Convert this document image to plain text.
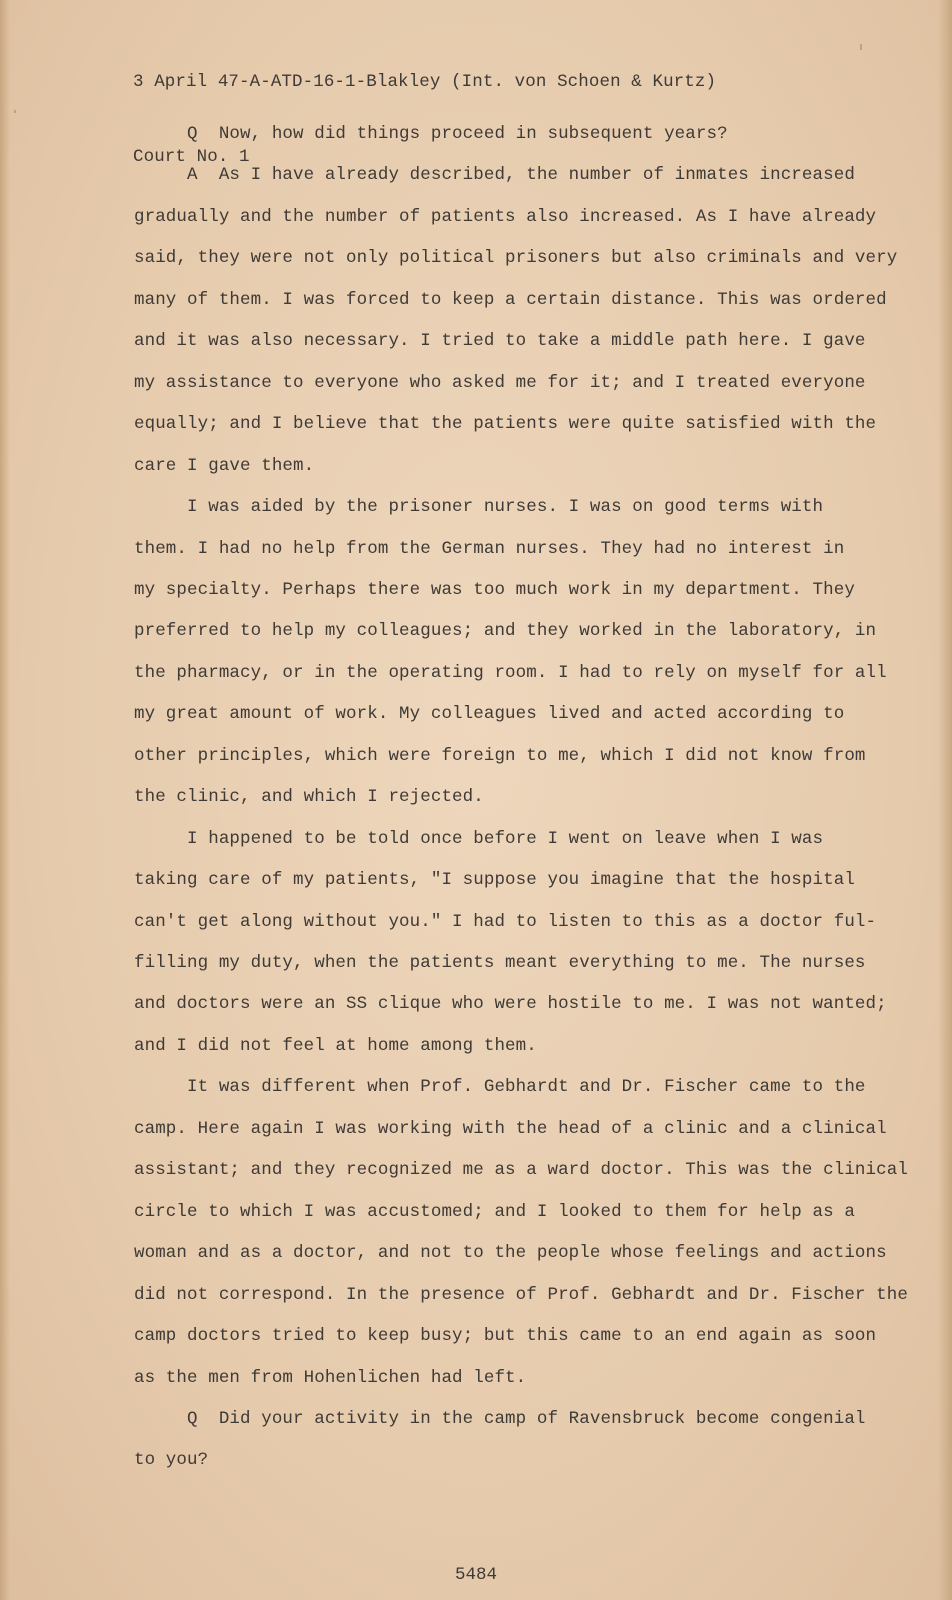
3 April 47-A-ATD-16-1-Blakley (Int. von Schoen & Kurtz)

Court No. 1

Q  Now, how did things proceed in subsequent years?
A  As I have already described, the number of inmates increased
gradually and the number of patients also increased. As I have already
said, they were not only political prisoners but also criminals and very
many of them. I was forced to keep a certain distance. This was ordered
and it was also necessary. I tried to take a middle path here. I gave
my assistance to everyone who asked me for it; and I treated everyone
equally; and I believe that the patients were quite satisfied with the
care I gave them.
I was aided by the prisoner nurses. I was on good terms with
them. I had no help from the German nurses. They had no interest in
my specialty. Perhaps there was too much work in my department. They
preferred to help my colleagues; and they worked in the laboratory, in
the pharmacy, or in the operating room. I had to rely on myself for all
my great amount of work. My colleagues lived and acted according to
other principles, which were foreign to me, which I did not know from
the clinic, and which I rejected.
I happened to be told once before I went on leave when I was
taking care of my patients, "I suppose you imagine that the hospital
can't get along without you." I had to listen to this as a doctor ful-
filling my duty, when the patients meant everything to me. The nurses
and doctors were an SS clique who were hostile to me. I was not wanted;
and I did not feel at home among them.
It was different when Prof. Gebhardt and Dr. Fischer came to the
camp. Here again I was working with the head of a clinic and a clinical
assistant; and they recognized me as a ward doctor. This was the clinical
circle to which I was accustomed; and I looked to them for help as a
woman and as a doctor, and not to the people whose feelings and actions
did not correspond. In the presence of Prof. Gebhardt and Dr. Fischer the
camp doctors tried to keep busy; but this came to an end again as soon
as the men from Hohenlichen had left.
Q  Did your activity in the camp of Ravensbruck become congenial
to you?
5484
